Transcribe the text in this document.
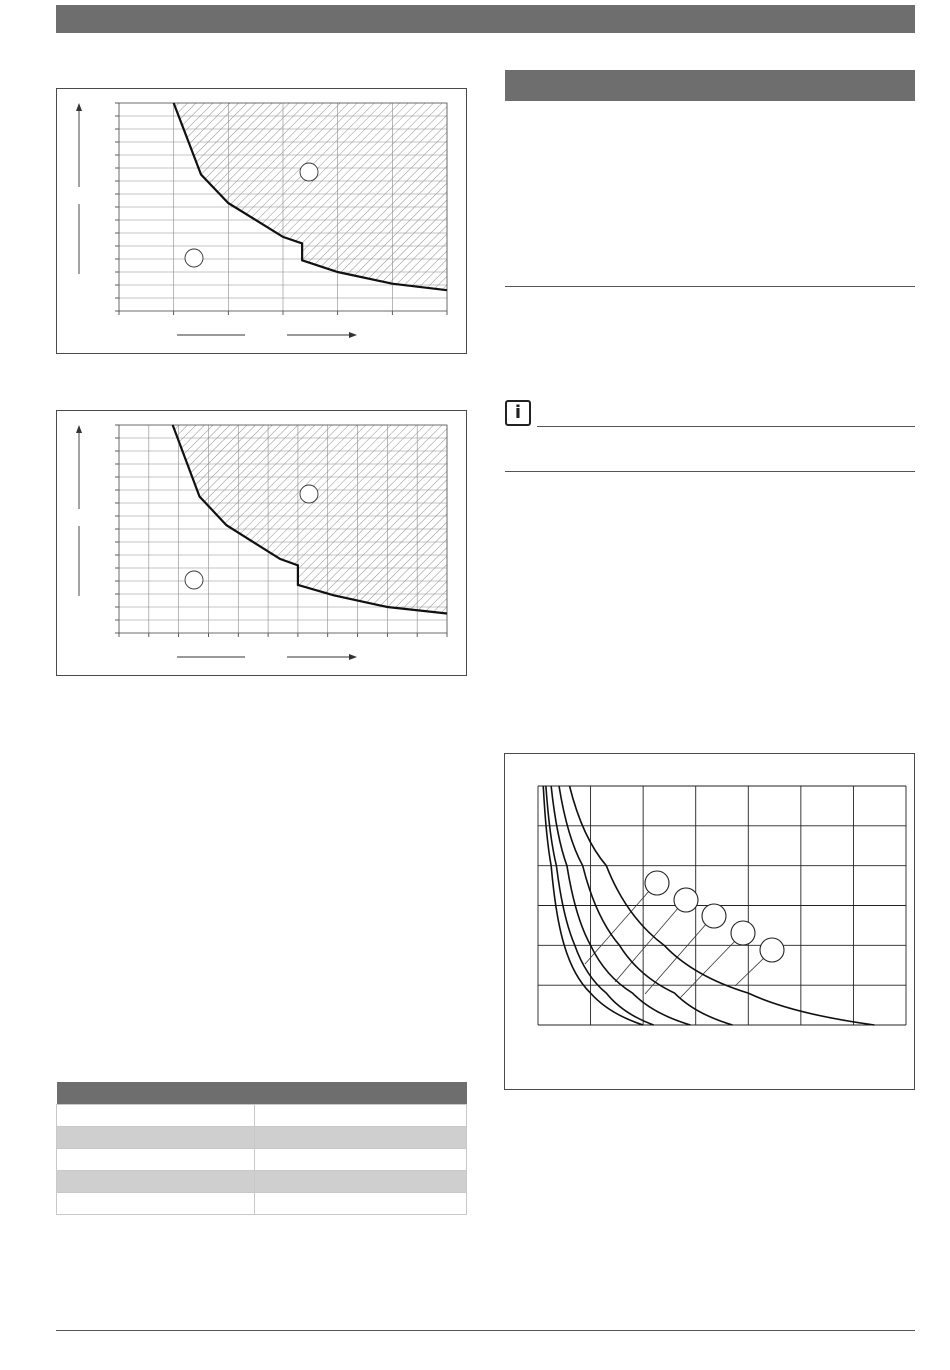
i
